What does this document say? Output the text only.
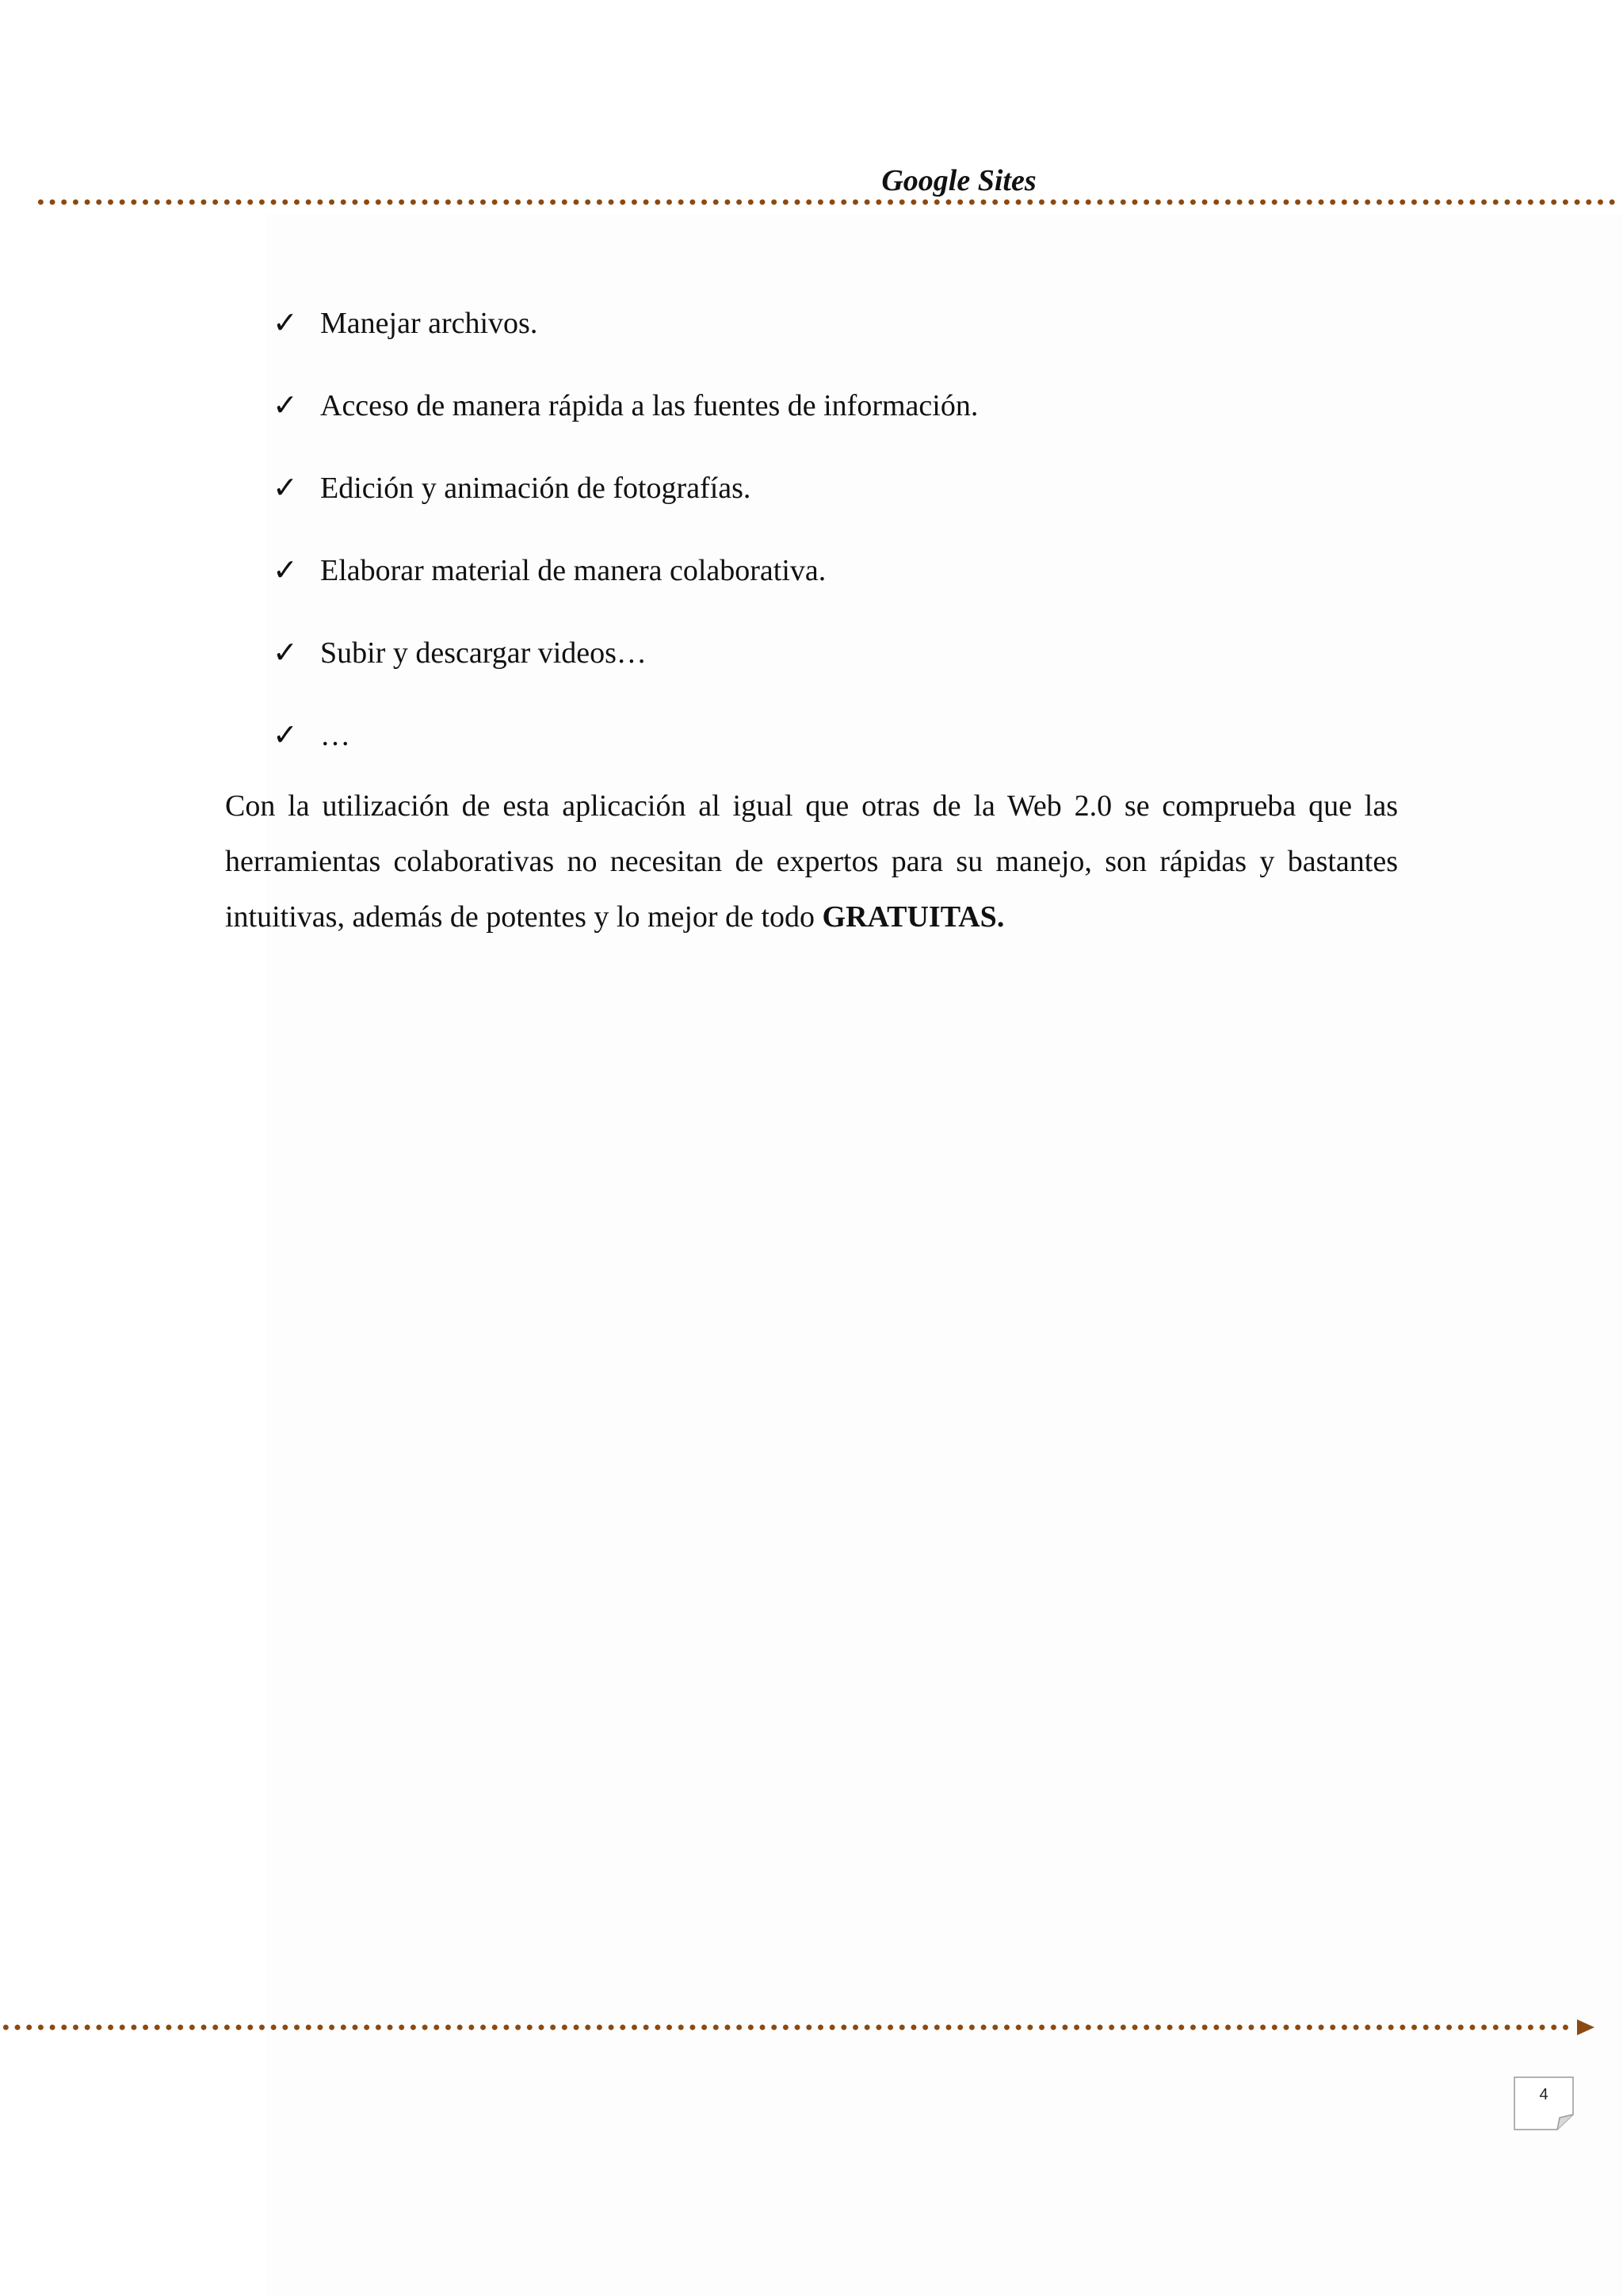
Google Sites
✓ Manejar archivos.
✓ Acceso de manera rápida a las fuentes de información.
✓ Edición y animación de fotografías.
✓ Elaborar material de manera colaborativa.
✓ Subir y descargar videos…
✓ …

Con la utilización de esta aplicación al igual que otras de la Web 2.0 se comprueba que las herramientas colaborativas no necesitan de expertos para su manejo, son rápidas y bastantes intuitivas, además de potentes y lo mejor de todo GRATUITAS.

4
